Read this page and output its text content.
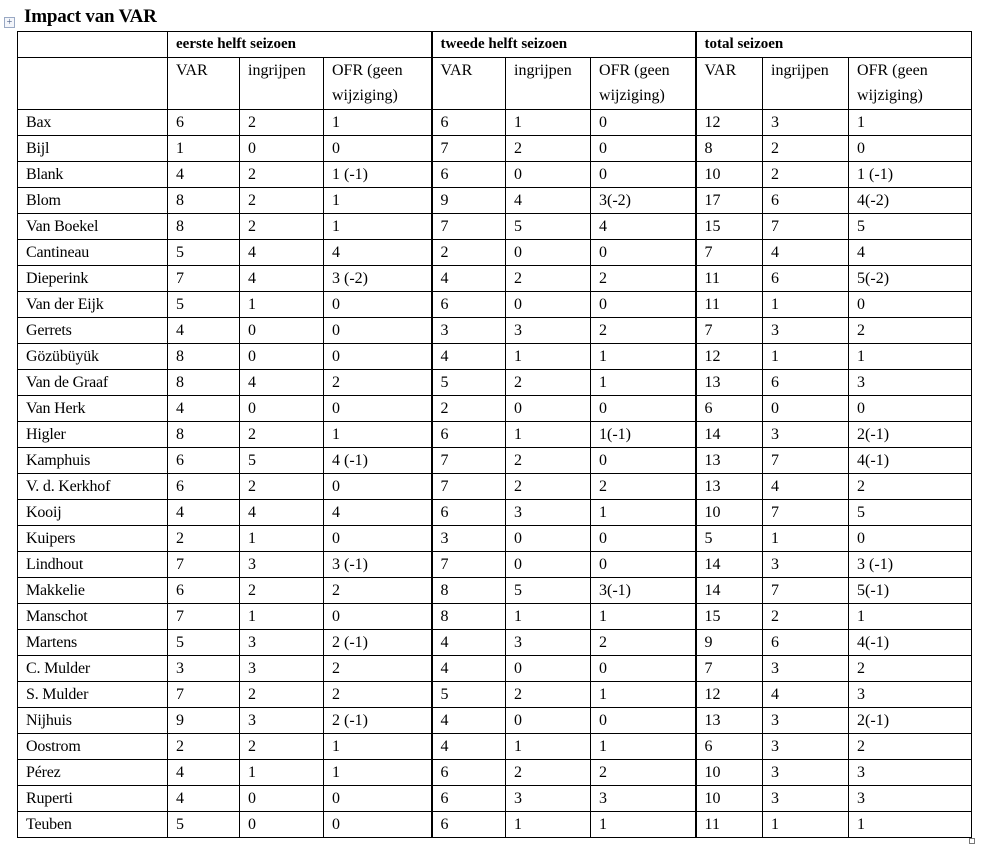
+ Impact van VAR
	eerste helft seizoen			tweede helft seizoen			total seizoen		
	VAR	ingrijpen	OFR (geen wijziging)	VAR	ingrijpen	OFR (geen wijziging)	VAR	ingrijpen	OFR (geen wijziging)
Bax	6	2	1	6	1	0	12	3	1
Bijl	1	0	0	7	2	0	8	2	0
Blank	4	2	1 (-1)	6	0	0	10	2	1 (-1)
Blom	8	2	1	9	4	3(-2)	17	6	4(-2)
Van Boekel	8	2	1	7	5	4	15	7	5
Cantineau	5	4	4	2	0	0	7	4	4
Dieperink	7	4	3 (-2)	4	2	2	11	6	5(-2)
Van der Eijk	5	1	0	6	0	0	11	1	0
Gerrets	4	0	0	3	3	2	7	3	2
Gözübüyük	8	0	0	4	1	1	12	1	1
Van de Graaf	8	4	2	5	2	1	13	6	3
Van Herk	4	0	0	2	0	0	6	0	0
Higler	8	2	1	6	1	1(-1)	14	3	2(-1)
Kamphuis	6	5	4 (-1)	7	2	0	13	7	4(-1)
V. d. Kerkhof	6	2	0	7	2	2	13	4	2
Kooij	4	4	4	6	3	1	10	7	5
Kuipers	2	1	0	3	0	0	5	1	0
Lindhout	7	3	3 (-1)	7	0	0	14	3	3 (-1)
Makkelie	6	2	2	8	5	3(-1)	14	7	5(-1)
Manschot	7	1	0	8	1	1	15	2	1
Martens	5	3	2 (-1)	4	3	2	9	6	4(-1)
C. Mulder	3	3	2	4	0	0	7	3	2
S. Mulder	7	2	2	5	2	1	12	4	3
Nijhuis	9	3	2 (-1)	4	0	0	13	3	2(-1)
Oostrom	2	2	1	4	1	1	6	3	2
Pérez	4	1	1	6	2	2	10	3	3
Ruperti	4	0	0	6	3	3	10	3	3
Teuben	5	0	0	6	1	1	11	1	1
